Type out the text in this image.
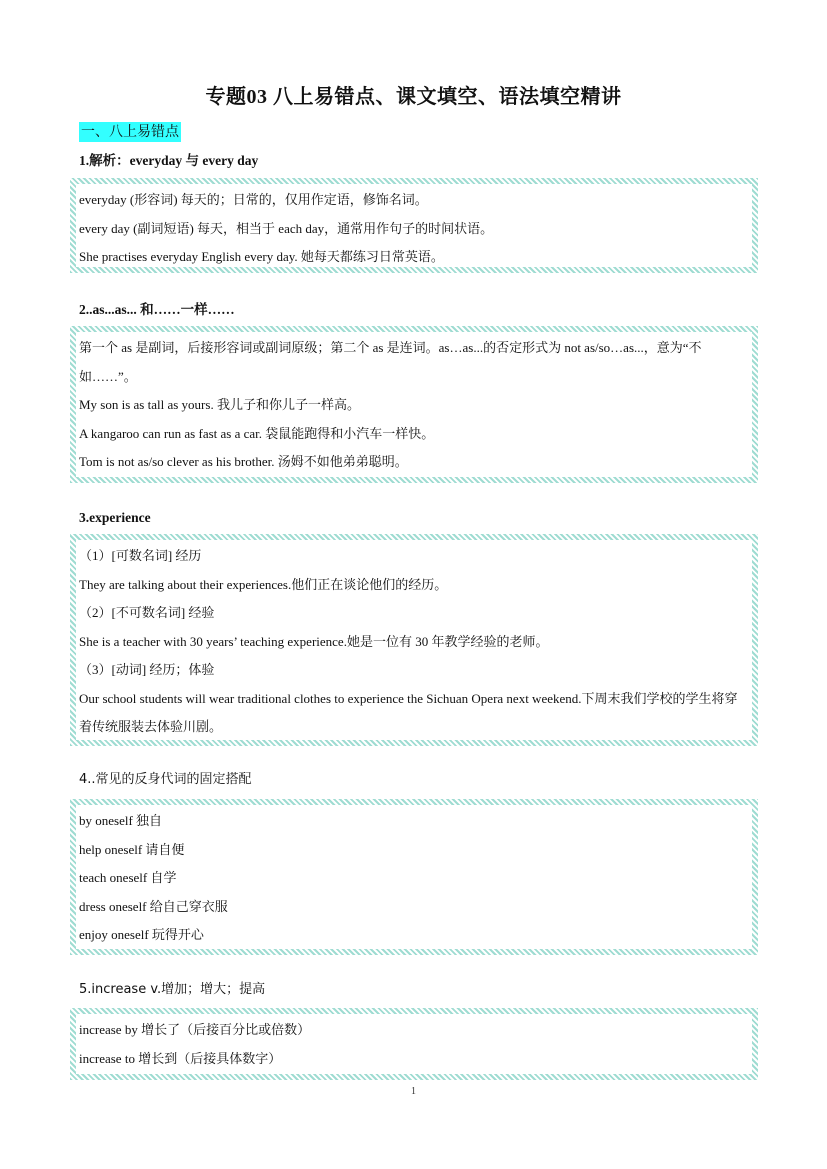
专题03 八上易错点、课文填空、语法填空精讲
一、八上易错点
1.解析：everyday 与 every day
everyday (形容词) 每天的；日常的，仅用作定语，修饰名词。
every day (副词短语) 每天，相当于 each day，通常用作句子的时间状语。
She practises everyday English every day. 她每天都练习日常英语。
2..as...as... 和……一样……
第一个 as 是副词，后接形容词或副词原级；第二个 as 是连词。as…as...的否定形式为 not as/so…as...，意为“不如……”。
My son is as tall as yours. 我儿子和你儿子一样高。
A kangaroo can run as fast as a car. 袋鼠能跑得和小汽车一样快。
Tom is not as/so clever as his brother. 汤姆不如他弟弟聪明。
3.experience
（1）[可数名词] 经历
They are talking about their experiences.他们正在谈论他们的经历。
（2）[不可数名词] 经验
She is a teacher with 30 years’ teaching experience.她是一位有 30 年教学经验的老师。
（3）[动词] 经历；体验
Our school students will wear traditional clothes to experience the Sichuan Opera next weekend.下周末我们学校的学生将穿着传统服装去体验川剧。
4..常见的反身代词的固定搭配
by oneself 独自
help oneself 请自便
teach oneself 自学
dress oneself 给自己穿衣服
enjoy oneself 玩得开心
5.increase v.增加；增大；提高
increase by 增长了（后接百分比或倍数）
increase to 增长到（后接具体数字）
1
